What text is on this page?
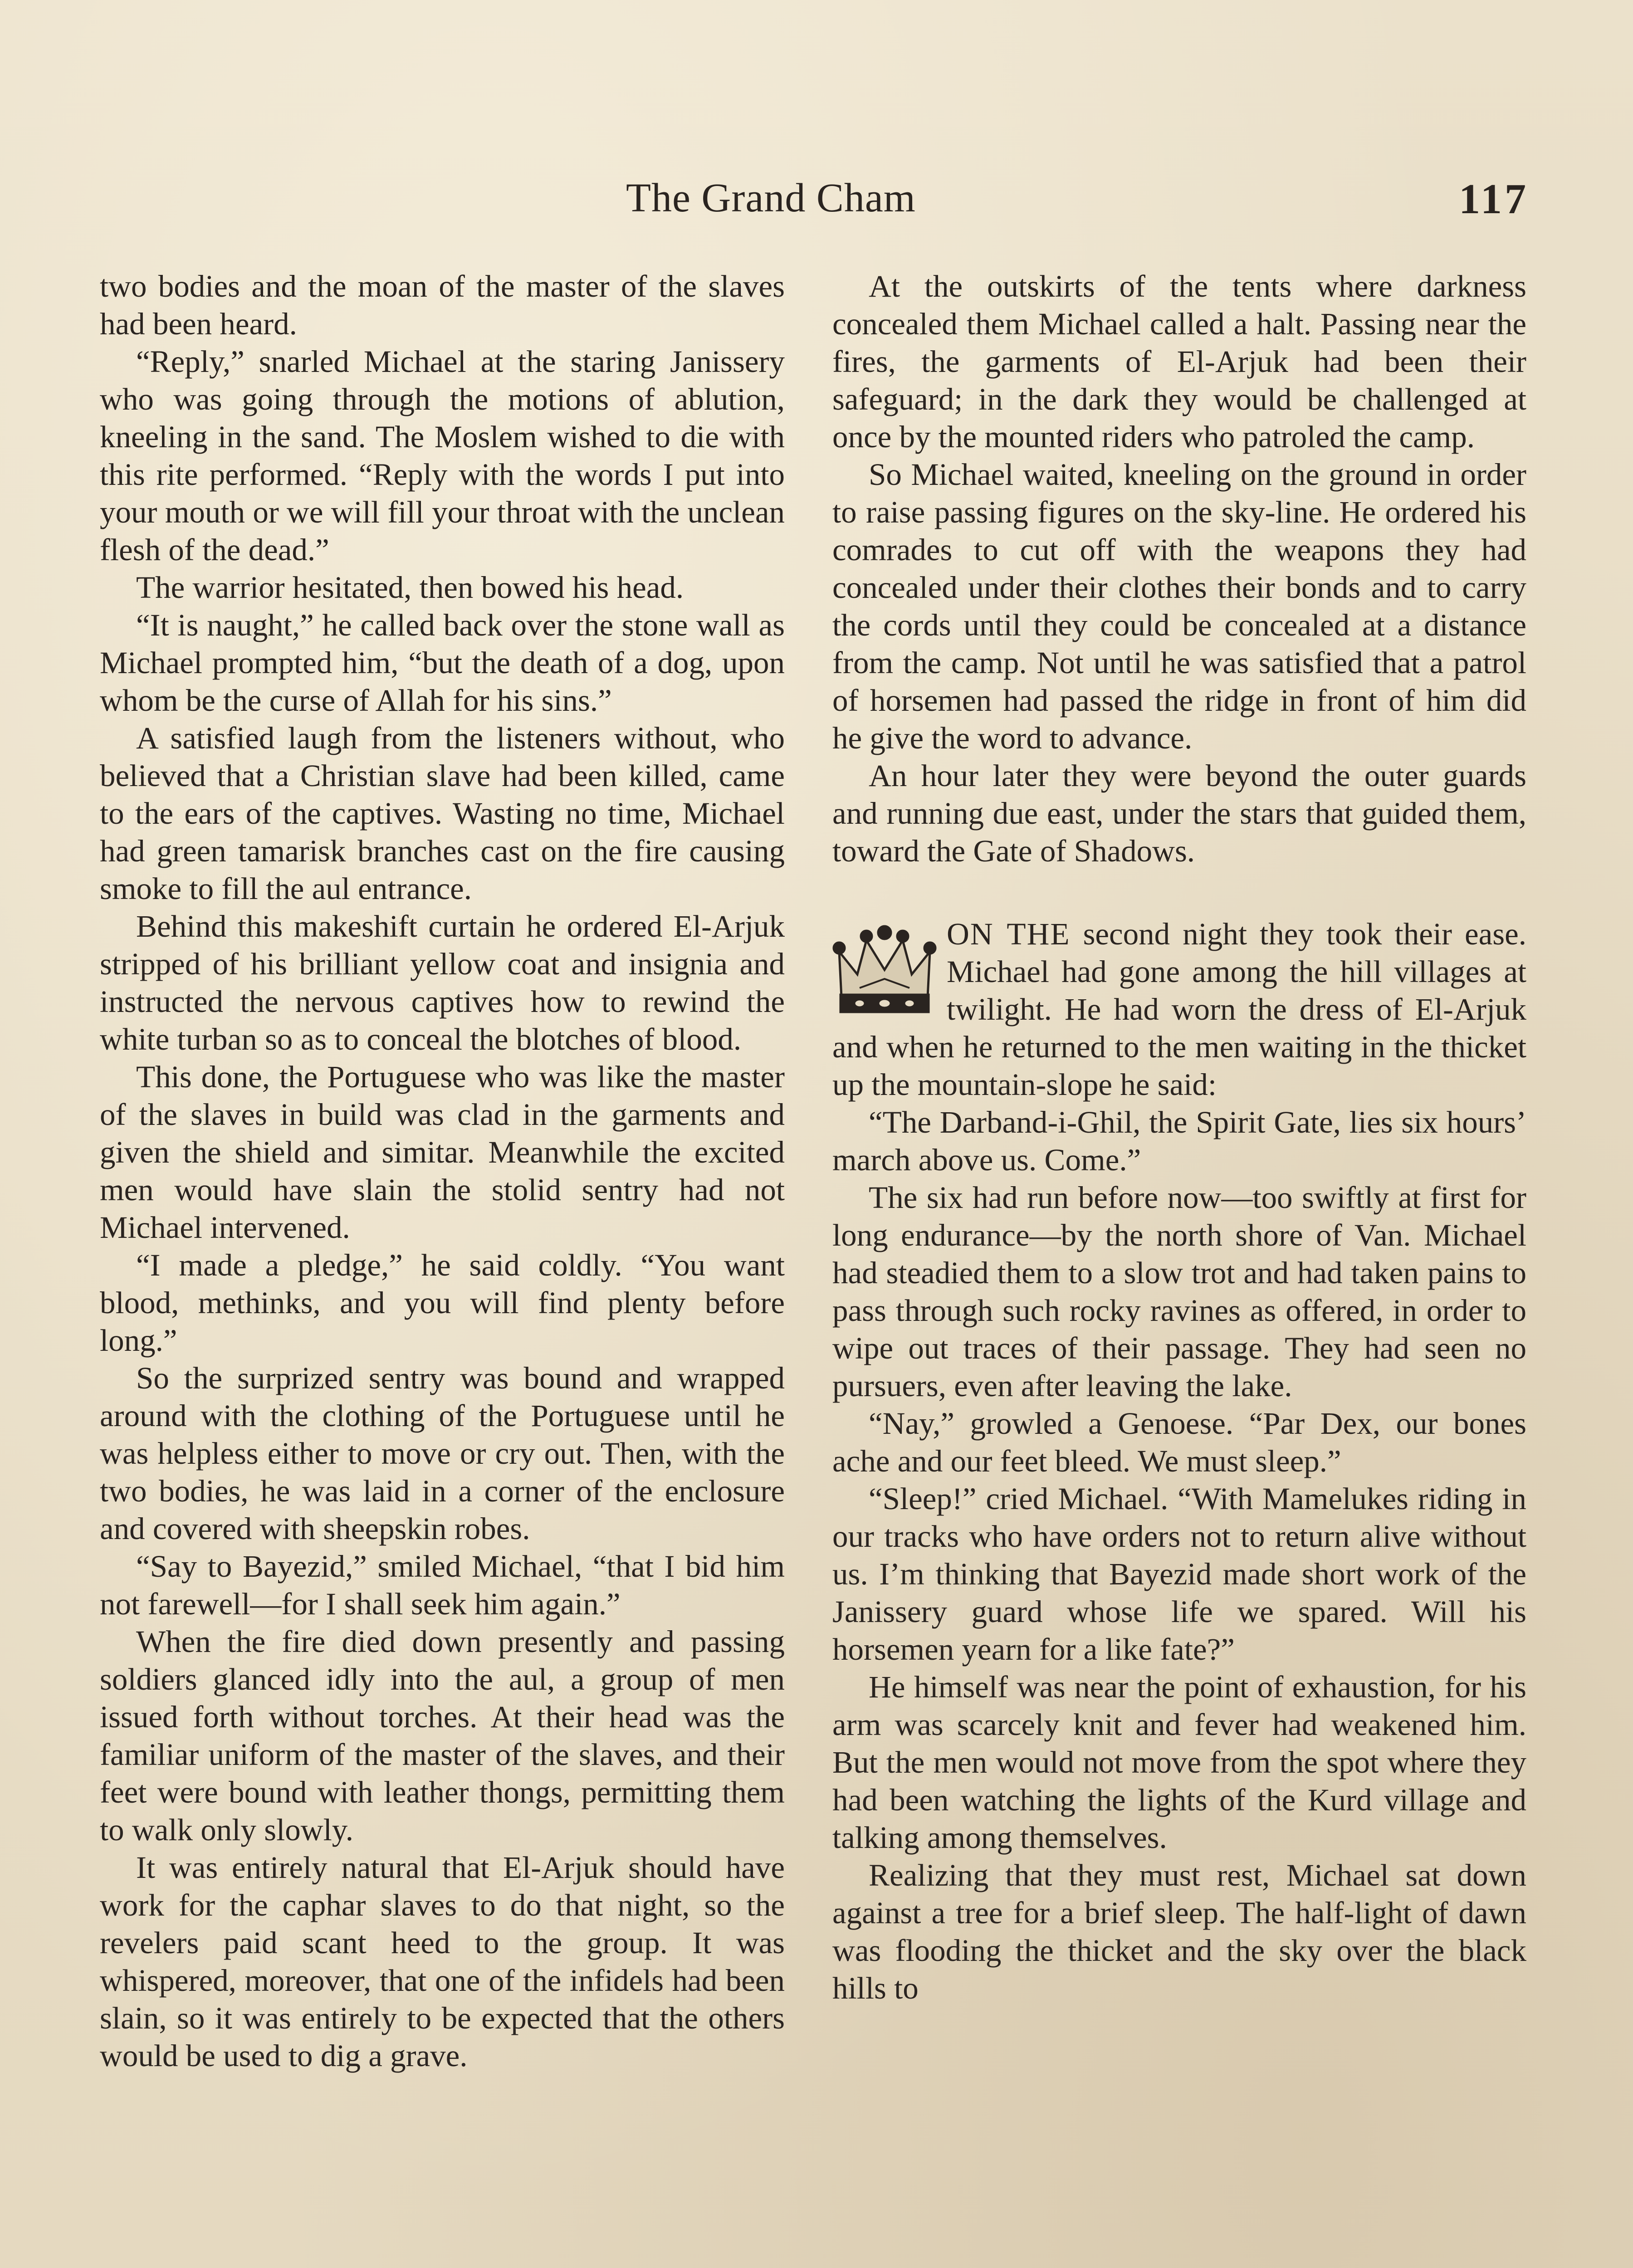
The Grand Cham	117

two bodies and the moan of the master of the slaves had been heard.

“Reply,” snarled Michael at the staring Janissery who was going through the motions of ablution, kneeling in the sand. The Moslem wished to die with this rite performed. “Reply with the words I put into your mouth or we will fill your throat with the unclean flesh of the dead.”

The warrior hesitated, then bowed his head.

“It is naught,” he called back over the stone wall as Michael prompted him, “but the death of a dog, upon whom be the curse of Allah for his sins.”

A satisfied laugh from the listeners without, who believed that a Christian slave had been killed, came to the ears of the captives. Wasting no time, Michael had green tamarisk branches cast on the fire causing smoke to fill the aul entrance.

Behind this makeshift curtain he ordered El-Arjuk stripped of his brilliant yellow coat and insignia and instructed the nervous captives how to rewind the white turban so as to conceal the blotches of blood.

This done, the Portuguese who was like the master of the slaves in build was clad in the garments and given the shield and simitar. Meanwhile the excited men would have slain the stolid sentry had not Michael intervened.

“I made a pledge,” he said coldly. “You want blood, methinks, and you will find plenty before long.”

So the surprized sentry was bound and wrapped around with the clothing of the Portuguese until he was helpless either to move or cry out. Then, with the two bodies, he was laid in a corner of the enclosure and covered with sheepskin robes.

“Say to Bayezid,” smiled Michael, “that I bid him not farewell—for I shall seek him again.”

When the fire died down presently and passing soldiers glanced idly into the aul, a group of men issued forth without torches. At their head was the familiar uniform of the master of the slaves, and their feet were bound with leather thongs, permitting them to walk only slowly.

It was entirely natural that El-Arjuk should have work for the caphar slaves to do that night, so the revelers paid scant heed to the group. It was whispered, moreover, that one of the infidels had been slain, so it was entirely to be expected that the others would be used to dig a grave.

At the outskirts of the tents where darkness concealed them Michael called a halt. Passing near the fires, the garments of El-Arjuk had been their safeguard; in the dark they would be challenged at once by the mounted riders who patroled the camp.

So Michael waited, kneeling on the ground in order to raise passing figures on the sky-line. He ordered his comrades to cut off with the weapons they had concealed under their clothes their bonds and to carry the cords until they could be concealed at a distance from the camp. Not until he was satisfied that a patrol of horsemen had passed the ridge in front of him did he give the word to advance.

An hour later they were beyond the outer guards and running due east, under the stars that guided them, toward the Gate of Shadows.

ON THE second night they took their ease. Michael had gone among the hill villages at twilight. He had worn the dress of El-Arjuk and when he returned to the men waiting in the thicket up the mountain-slope he said:

“The Darband-i-Ghil, the Spirit Gate, lies six hours’ march above us. Come.”

The six had run before now—too swiftly at first for long endurance—by the north shore of Van. Michael had steadied them to a slow trot and had taken pains to pass through such rocky ravines as offered, in order to wipe out traces of their passage. They had seen no pursuers, even after leaving the lake.

“Nay,” growled a Genoese. “Par Dex, our bones ache and our feet bleed. We must sleep.”

“Sleep!” cried Michael. “With Mamelukes riding in our tracks who have orders not to return alive without us. I’m thinking that Bayezid made short work of the Janissery guard whose life we spared. Will his horsemen yearn for a like fate?”

He himself was near the point of exhaustion, for his arm was scarcely knit and fever had weakened him. But the men would not move from the spot where they had been watching the lights of the Kurd village and talking among themselves.

Realizing that they must rest, Michael sat down against a tree for a brief sleep. The half-light of dawn was flooding the thicket and the sky over the black hills to
